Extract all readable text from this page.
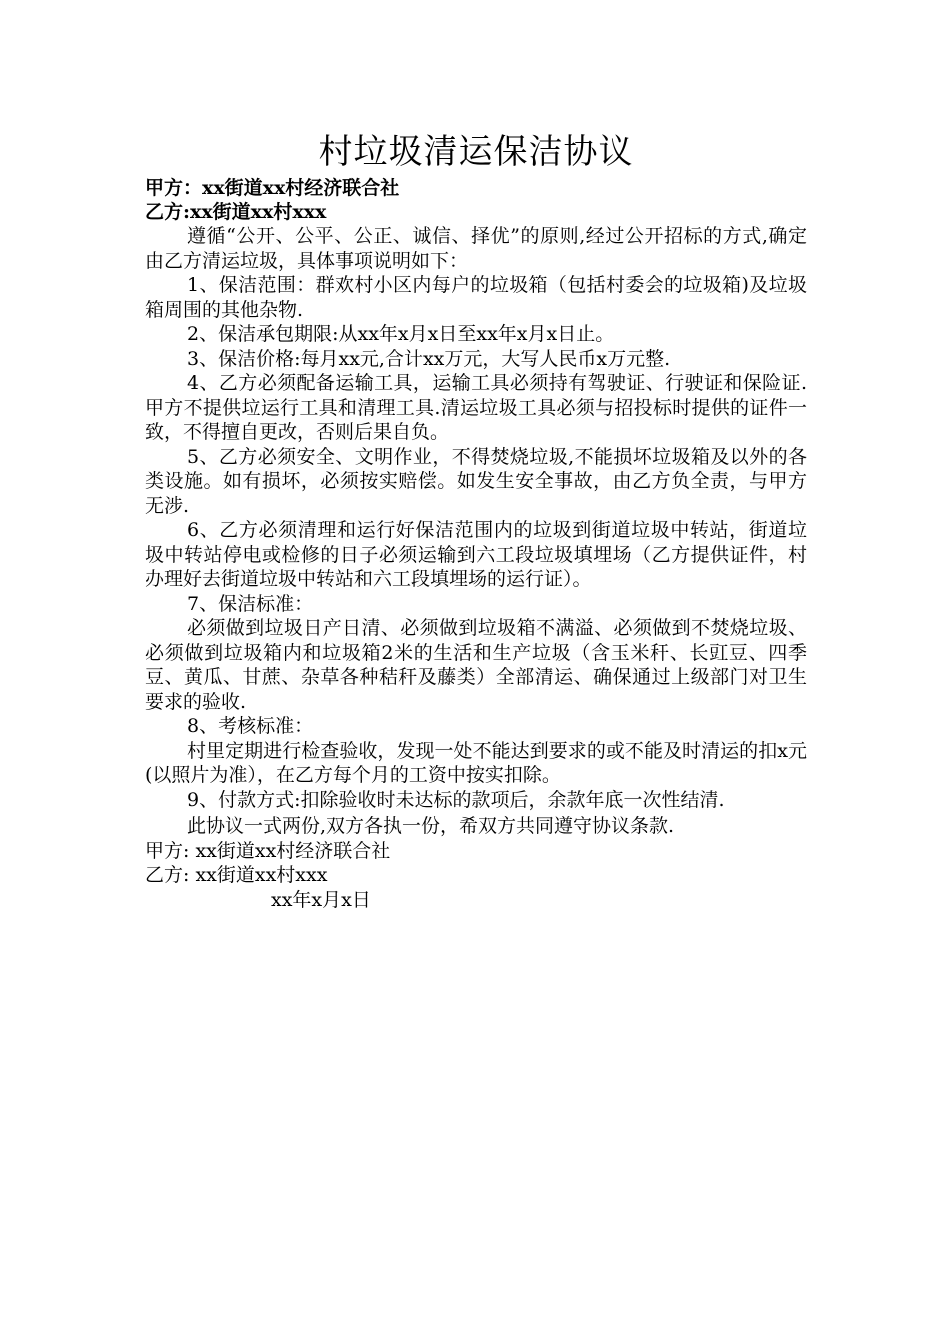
村垃圾清运保洁协议

甲方：xx街道xx村经济联合社

乙方:xx街道xx村xxx

遵循“公开、公平、公正、诚信、择优”的原则,经过公开招标的方式,确定由乙方清运垃圾，具体事项说明如下：

1、保洁范围：群欢村小区内每户的垃圾箱（包括村委会的垃圾箱)及垃圾箱周围的其他杂物.

2、保洁承包期限:从xx年x月x日至xx年x月x日止。

3、保洁价格:每月xx元,合计xx万元，大写人民币x万元整.

4、乙方必须配备运输工具，运输工具必须持有驾驶证、行驶证和保险证.甲方不提供垃运行工具和清理工具.清运垃圾工具必须与招投标时提供的证件一致，不得擅自更改，否则后果自负。

5、乙方必须安全、文明作业，不得焚烧垃圾,不能损坏垃圾箱及以外的各类设施。如有损坏，必须按实赔偿。如发生安全事故，由乙方负全责，与甲方无涉.

6、乙方必须清理和运行好保洁范围内的垃圾到街道垃圾中转站，街道垃圾中转站停电或检修的日子必须运输到六工段垃圾填埋场（乙方提供证件，村办理好去街道垃圾中转站和六工段填埋场的运行证）。

7、保洁标准：

必须做到垃圾日产日清、必须做到垃圾箱不满溢、必须做到不焚烧垃圾、必须做到垃圾箱内和垃圾箱2米的生活和生产垃圾（含玉米秆、长豇豆、四季豆、黄瓜、甘蔗、杂草各种秸秆及藤类）全部清运、确保通过上级部门对卫生要求的验收.

8、考核标准：

村里定期进行检查验收，发现一处不能达到要求的或不能及时清运的扣x元(以照片为准），在乙方每个月的工资中按实扣除。

9、付款方式:扣除验收时未达标的款项后，余款年底一次性结清.

此协议一式两份,双方各执一份，希双方共同遵守协议条款.

甲方: xx街道xx村经济联合社

乙方: xx街道xx村xxx

xx年x月x日
